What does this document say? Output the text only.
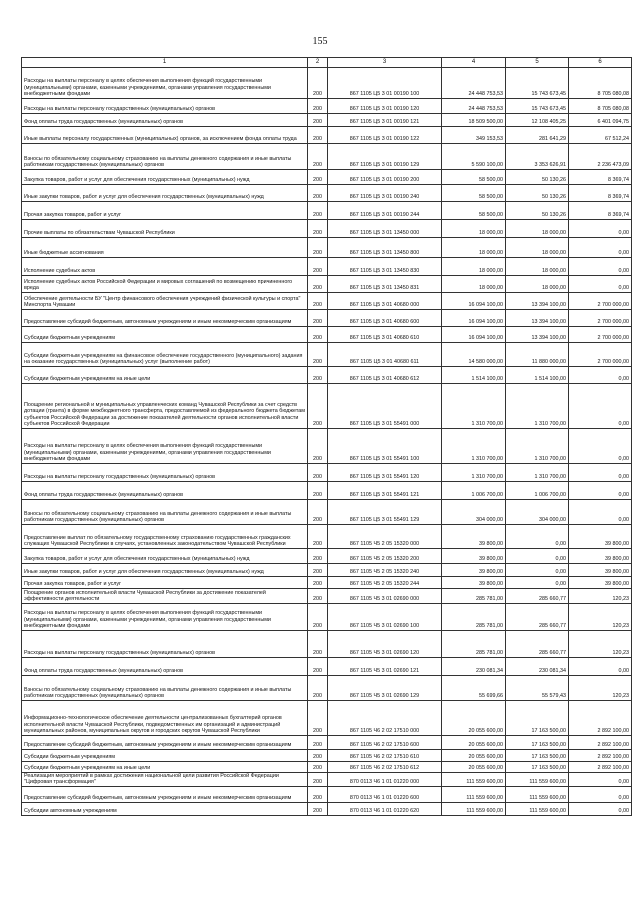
155
1	2	3	4	5	6
Расходы на выплаты персоналу в целях обеспечения выполнения функций государственными (муниципальными) органами, казенными учреждениями, органами управления государственными внебюджетными фондами	200	867 1105 Ц5 3 01 00190 100	24 448 753,53	15 743 673,45	8 705 080,08
Расходы на выплаты персоналу государственных (муниципальных) органов	200	867 1105 Ц5 3 01 00190 120	24 448 753,53	15 743 673,45	8 705 080,08
Фонд оплаты труда государственных (муниципальных) органов	200	867 1105 Ц5 3 01 00190 121	18 509 500,00	12 108 405,25	6 401 094,75
Иные выплаты персоналу государственных (муниципальных) органов, за исключением фонда оплаты труда	200	867 1105 Ц5 3 01 00190 122	349 153,53	281 641,29	67 512,24
Взносы по обязательному социальному страхованию на выплаты денежного содержания и иные выплаты работникам государственных (муниципальных) органов	200	867 1105 Ц5 3 01 00190 129	5 590 100,00	3 353 626,91	2 236 473,09
Закупка товаров, работ и услуг для обеспечения государственных (муниципальных) нужд	200	867 1105 Ц5 3 01 00190 200	58 500,00	50 130,26	8 369,74
Иные закупки товаров, работ и услуг для обеспечения государственных (муниципальных) нужд	200	867 1105 Ц5 3 01 00190 240	58 500,00	50 130,26	8 369,74
Прочая закупка товаров, работ и услуг	200	867 1105 Ц5 3 01 00190 244	58 500,00	50 130,26	8 369,74
Прочие выплаты по обязательствам Чувашской Республики	200	867 1105 Ц5 3 01 13450 000	18 000,00	18 000,00	0,00
Иные бюджетные ассигнования	200	867 1105 Ц5 3 01 13450 800	18 000,00	18 000,00	0,00
Исполнение судебных актов	200	867 1105 Ц5 3 01 13450 830	18 000,00	18 000,00	0,00
Исполнение судебных актов Российской Федерации и мировых соглашений по возмещению причиненного вреда	200	867 1105 Ц5 3 01 13450 831	18 000,00	18 000,00	0,00
Обеспечение деятельности БУ "Центр финансового обеспечения учреждений физической культуры и спорта" Минспорта Чувашии	200	867 1105 Ц5 3 01 40680 000	16 094 100,00	13 394 100,00	2 700 000,00
Предоставление субсидий бюджетным, автономным учреждениям и иным некоммерческим организациям	200	867 1105 Ц5 3 01 40680 600	16 094 100,00	13 394 100,00	2 700 000,00
Субсидии бюджетным учреждениям	200	867 1105 Ц5 3 01 40680 610	16 094 100,00	13 394 100,00	2 700 000,00
Субсидии бюджетным учреждениям на финансовое обеспечение государственного (муниципального) задания на оказание государственных (муниципальных) услуг (выполнение работ)	200	867 1105 Ц5 3 01 40680 611	14 580 000,00	11 880 000,00	2 700 000,00
Субсидии бюджетным учреждениям на иные цели	200	867 1105 Ц5 3 01 40680 612	1 514 100,00	1 514 100,00	0,00
Поощрение региональной и муниципальных управленческих команд Чувашской Республики за счет средств дотации (гранта) в форме межбюджетного трансферта, предоставляемой из федерального бюджета бюджетам субъектов Российской Федерации за достижение показателей деятельности органов исполнительной власти субъектов Российской Федерации	200	867 1105 Ц5 3 01 55491 000	1 310 700,00	1 310 700,00	0,00
Расходы на выплаты персоналу в целях обеспечения выполнения функций государственными (муниципальными) органами, казенными учреждениями, органами управления государственными внебюджетными фондами	200	867 1105 Ц5 3 01 55491 100	1 310 700,00	1 310 700,00	0,00
Расходы на выплаты персоналу государственных (муниципальных) органов	200	867 1105 Ц5 3 01 55491 120	1 310 700,00	1 310 700,00	0,00
Фонд оплаты труда государственных (муниципальных) органов	200	867 1105 Ц5 3 01 55491 121	1 006 700,00	1 006 700,00	0,00
Взносы по обязательному социальному страхованию на выплаты денежного содержания и иные выплаты работникам государственных (муниципальных) органов	200	867 1105 Ц5 3 01 55491 129	304 000,00	304 000,00	0,00
Предоставление выплат по обязательному государственному страхованию государственных гражданских служащих Чувашской Республики в случаях, установленных законодательством Чувашской Республики	200	867 1105 Ч5 2 05 15320 000	39 800,00	0,00	39 800,00
Закупка товаров, работ и услуг для обеспечения государственных (муниципальных) нужд	200	867 1105 Ч5 2 05 15320 200	39 800,00	0,00	39 800,00
Иные закупки товаров, работ и услуг для обеспечения государственных (муниципальных) нужд	200	867 1105 Ч5 2 05 15320 240	39 800,00	0,00	39 800,00
Прочая закупка товаров, работ и услуг	200	867 1105 Ч5 2 05 15320 244	39 800,00	0,00	39 800,00
Поощрение органов исполнительной власти Чувашской Республики за достижение показателей эффективности деятельности	200	867 1105 Ч5 3 01 02690 000	285 781,00	285 660,77	120,23
Расходы на выплаты персоналу в целях обеспечения выполнения функций государственными (муниципальными) органами, казенными учреждениями, органами управления государственными внебюджетными фондами	200	867 1105 Ч5 3 01 02690 100	285 781,00	285 660,77	120,23
Расходы на выплаты персоналу государственных (муниципальных) органов	200	867 1105 Ч5 3 01 02690 120	285 781,00	285 660,77	120,23
Фонд оплаты труда государственных (муниципальных) органов	200	867 1105 Ч5 3 01 02690 121	230 081,34	230 081,34	0,00
Взносы по обязательному социальному страхованию на выплаты денежного содержания и иные выплаты работникам государственных (муниципальных) органов	200	867 1105 Ч5 3 01 02690 129	55 699,66	55 579,43	120,23
Информационно-технологическое обеспечение деятельности централизованных бухгалтерий органов исполнительной власти Чувашской Республики, подведомственных им организаций и администраций муниципальных районов, муниципальных округов и городских округов Чувашской Республики	200	867 1105 Ч6 2 02 17510 000	20 055 600,00	17 163 500,00	2 892 100,00
Предоставление субсидий бюджетным, автономным учреждениям и иным некоммерческим организациям	200	867 1105 Ч6 2 02 17510 600	20 055 600,00	17 163 500,00	2 892 100,00
Субсидии бюджетным учреждениям	200	867 1105 Ч6 2 02 17510 610	20 055 600,00	17 163 500,00	2 892 100,00
Субсидии бюджетным учреждениям на иные цели	200	867 1105 Ч6 2 02 17510 612	20 055 600,00	17 163 500,00	2 892 100,00
Реализация мероприятий в рамках достижения национальной цели развития Российской Федерации "Цифровая трансформация"	200	870 0113 Ч6 1 01 01220 000	111 559 600,00	111 559 600,00	0,00
Предоставление субсидий бюджетным, автономным учреждениям и иным некоммерческим организациям	200	870 0113 Ч6 1 01 01220 600	111 559 600,00	111 559 600,00	0,00
Субсидии автономным учреждениям	200	870 0113 Ч6 1 01 01220 620	111 559 600,00	111 559 600,00	0,00
